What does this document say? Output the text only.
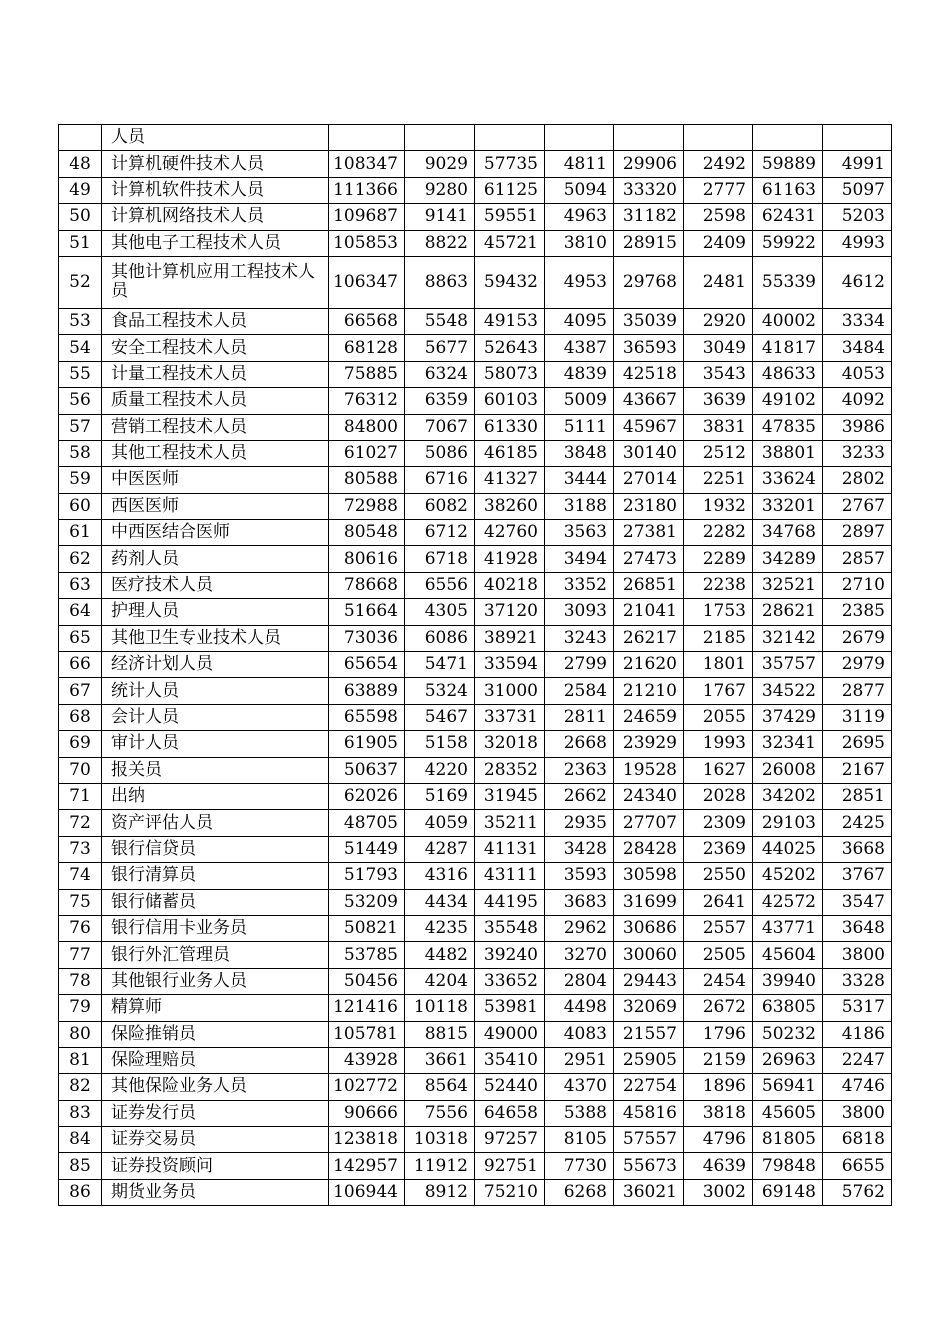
	人员								
48	计算机硬件技术人员	108347	9029	57735	4811	29906	2492	59889	4991
49	计算机软件技术人员	111366	9280	61125	5094	33320	2777	61163	5097
50	计算机网络技术人员	109687	9141	59551	4963	31182	2598	62431	5203
51	其他电子工程技术人员	105853	8822	45721	3810	28915	2409	59922	4993
52	其他计算机应用工程技术人员	106347	8863	59432	4953	29768	2481	55339	4612
53	食品工程技术人员	66568	5548	49153	4095	35039	2920	40002	3334
54	安全工程技术人员	68128	5677	52643	4387	36593	3049	41817	3484
55	计量工程技术人员	75885	6324	58073	4839	42518	3543	48633	4053
56	质量工程技术人员	76312	6359	60103	5009	43667	3639	49102	4092
57	营销工程技术人员	84800	7067	61330	5111	45967	3831	47835	3986
58	其他工程技术人员	61027	5086	46185	3848	30140	2512	38801	3233
59	中医医师	80588	6716	41327	3444	27014	2251	33624	2802
60	西医医师	72988	6082	38260	3188	23180	1932	33201	2767
61	中西医结合医师	80548	6712	42760	3563	27381	2282	34768	2897
62	药剂人员	80616	6718	41928	3494	27473	2289	34289	2857
63	医疗技术人员	78668	6556	40218	3352	26851	2238	32521	2710
64	护理人员	51664	4305	37120	3093	21041	1753	28621	2385
65	其他卫生专业技术人员	73036	6086	38921	3243	26217	2185	32142	2679
66	经济计划人员	65654	5471	33594	2799	21620	1801	35757	2979
67	统计人员	63889	5324	31000	2584	21210	1767	34522	2877
68	会计人员	65598	5467	33731	2811	24659	2055	37429	3119
69	审计人员	61905	5158	32018	2668	23929	1993	32341	2695
70	报关员	50637	4220	28352	2363	19528	1627	26008	2167
71	出纳	62026	5169	31945	2662	24340	2028	34202	2851
72	资产评估人员	48705	4059	35211	2935	27707	2309	29103	2425
73	银行信贷员	51449	4287	41131	3428	28428	2369	44025	3668
74	银行清算员	51793	4316	43111	3593	30598	2550	45202	3767
75	银行储蓄员	53209	4434	44195	3683	31699	2641	42572	3547
76	银行信用卡业务员	50821	4235	35548	2962	30686	2557	43771	3648
77	银行外汇管理员	53785	4482	39240	3270	30060	2505	45604	3800
78	其他银行业务人员	50456	4204	33652	2804	29443	2454	39940	3328
79	精算师	121416	10118	53981	4498	32069	2672	63805	5317
80	保险推销员	105781	8815	49000	4083	21557	1796	50232	4186
81	保险理赔员	43928	3661	35410	2951	25905	2159	26963	2247
82	其他保险业务人员	102772	8564	52440	4370	22754	1896	56941	4746
83	证券发行员	90666	7556	64658	5388	45816	3818	45605	3800
84	证券交易员	123818	10318	97257	8105	57557	4796	81805	6818
85	证券投资顾问	142957	11912	92751	7730	55673	4639	79848	6655
86	期货业务员	106944	8912	75210	6268	36021	3002	69148	5762
